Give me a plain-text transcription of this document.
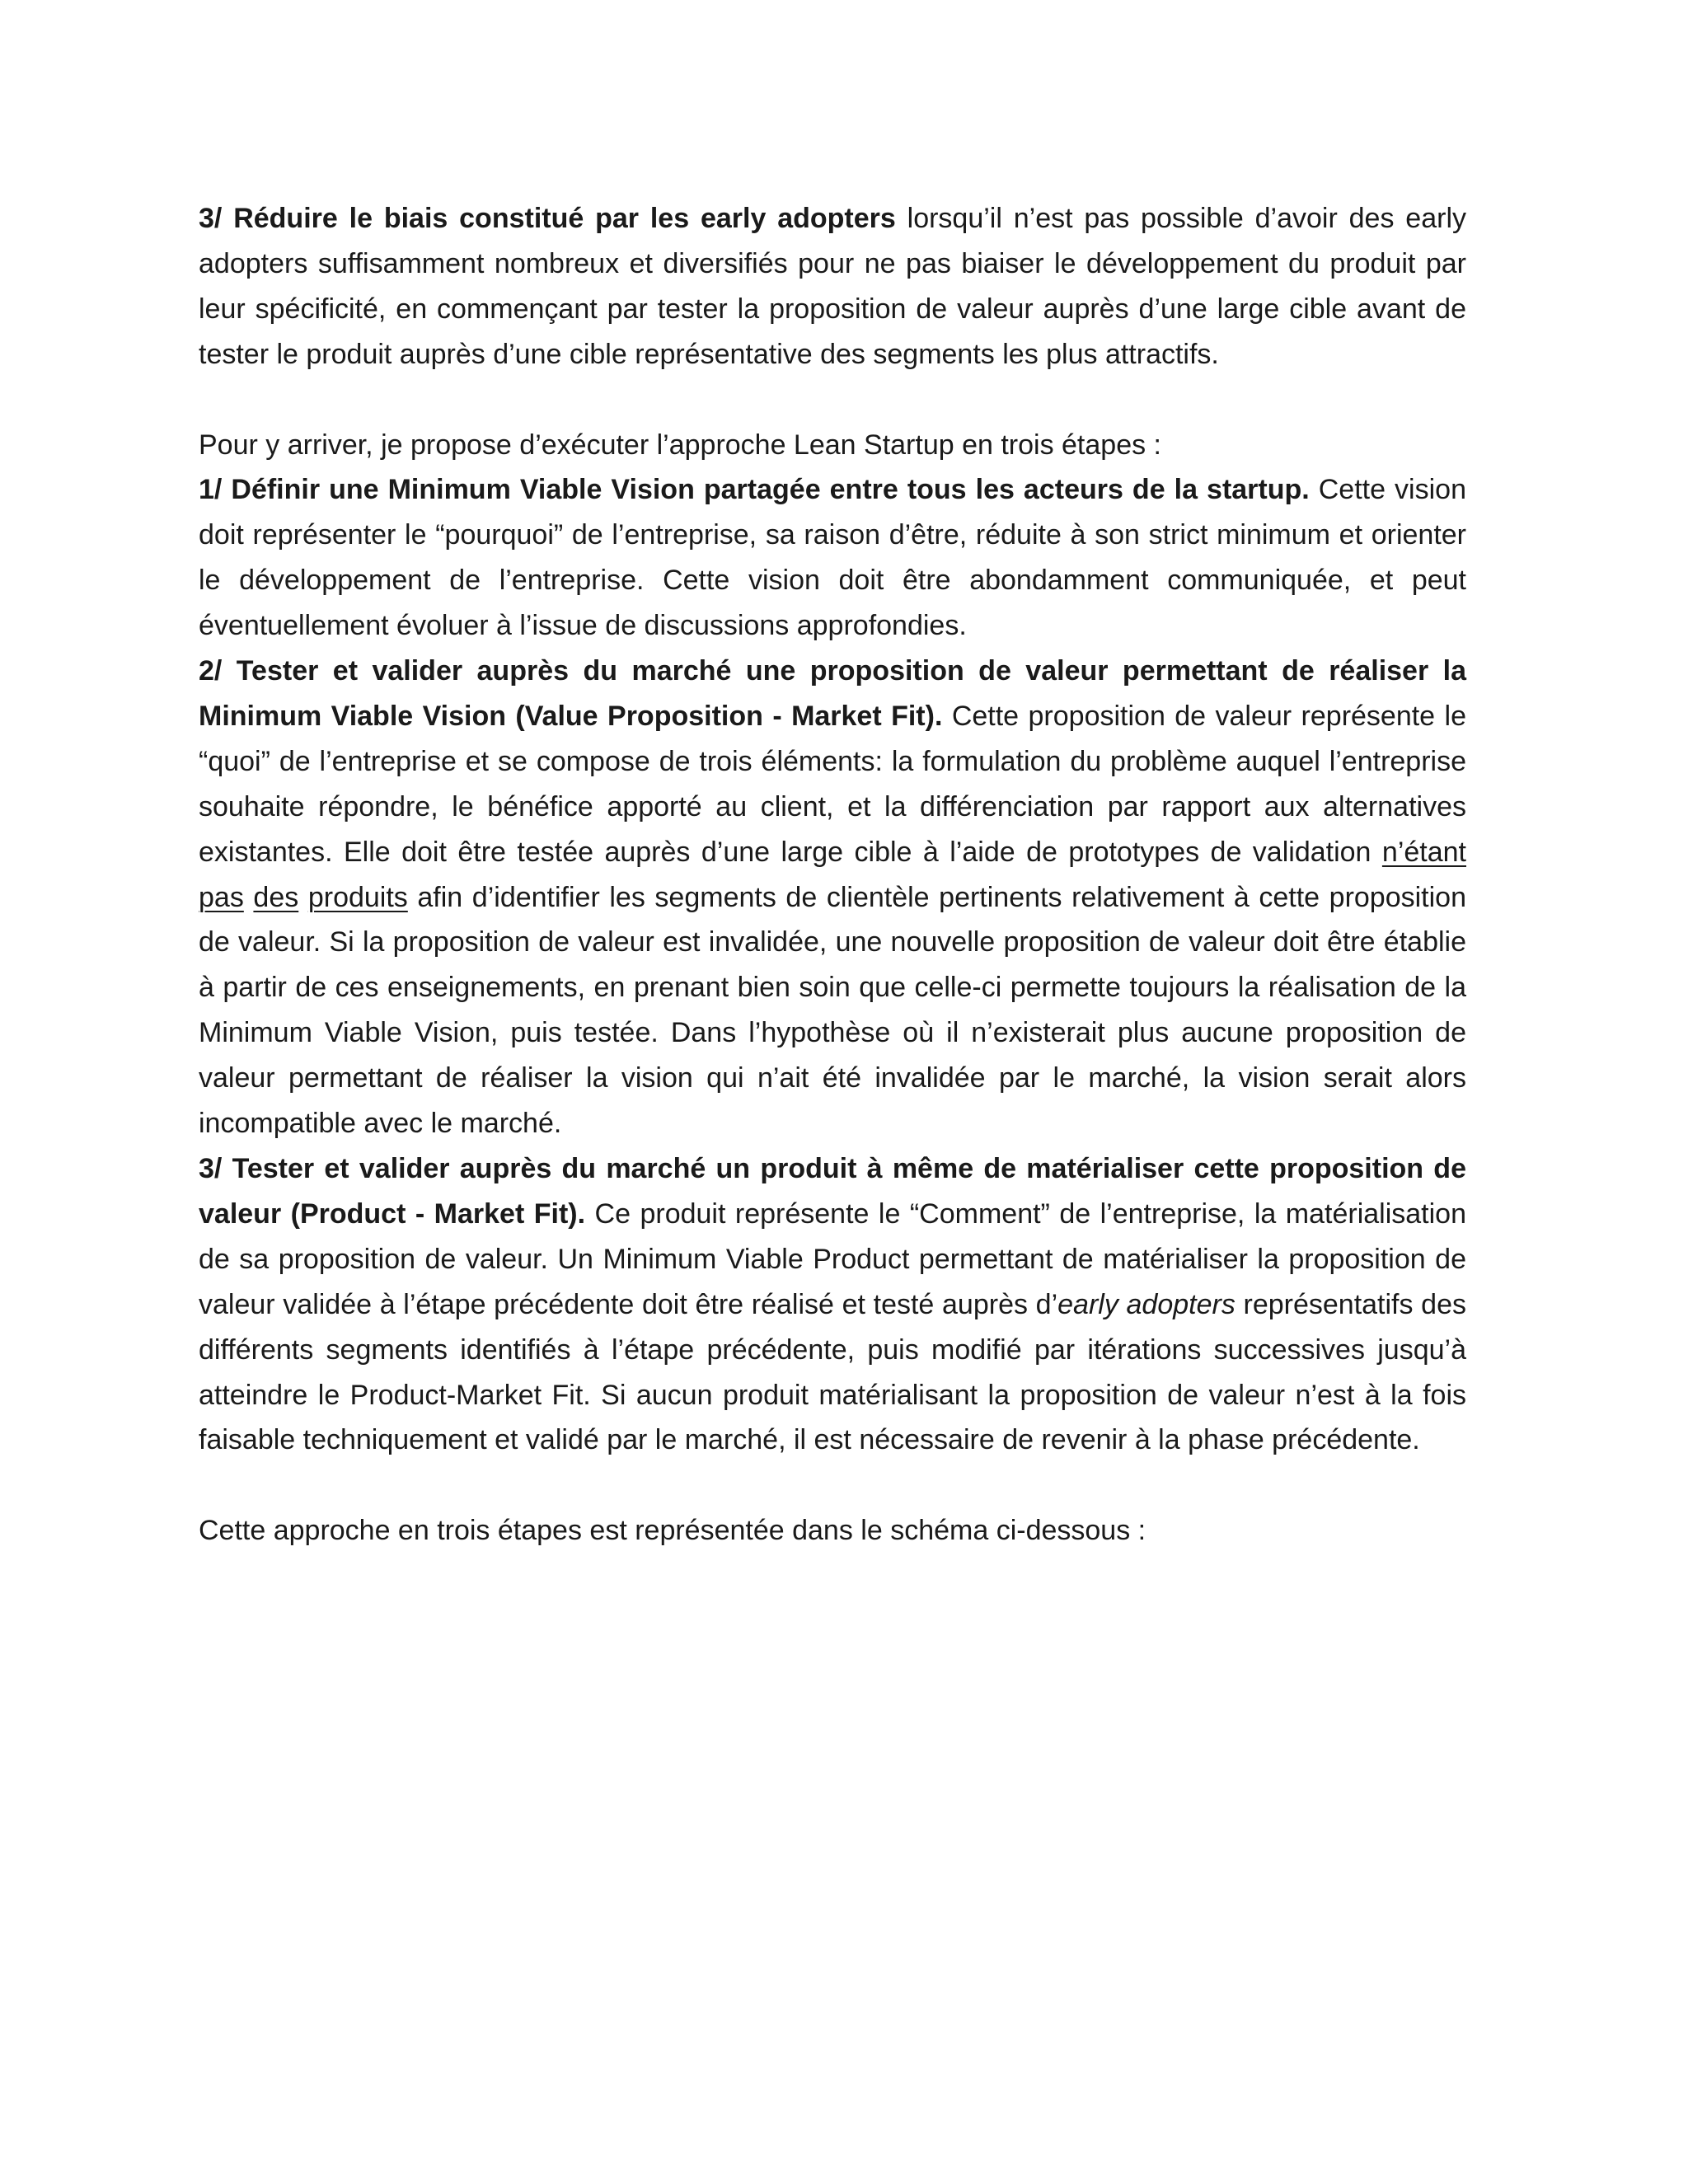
3/ Réduire le biais constitué par les early adopters lorsqu’il n’est pas possible d’avoir des early adopters suffisamment nombreux et diversifiés pour ne pas biaiser le développement du produit par leur spécificité, en commençant par tester la proposition de valeur auprès d’une large cible avant de tester le produit auprès d’une cible représentative des segments les plus attractifs.

Pour y arriver, je propose d’exécuter l’approche Lean Startup en trois étapes :

1/ Définir une Minimum Viable Vision partagée entre tous les acteurs de la startup. Cette vision doit représenter le “pourquoi” de l’entreprise, sa raison d’être, réduite à son strict minimum et orienter le développement de l’entreprise. Cette vision doit être abondamment communiquée, et peut éventuellement évoluer à l’issue de discussions approfondies.

2/ Tester et valider auprès du marché une proposition de valeur permettant de réaliser la Minimum Viable Vision (Value Proposition - Market Fit). Cette proposition de valeur représente le “quoi” de l’entreprise et se compose de trois éléments: la formulation du problème auquel l’entreprise souhaite répondre, le bénéfice apporté au client, et la différenciation par rapport aux alternatives existantes. Elle doit être testée auprès d’une large cible à l’aide de prototypes de validation n’étant pas des produits afin d’identifier les segments de clientèle pertinents relativement à cette proposition de valeur. Si la proposition de valeur est invalidée, une nouvelle proposition de valeur doit être établie à partir de ces enseignements, en prenant bien soin que celle-ci permette toujours la réalisation de la Minimum Viable Vision, puis testée. Dans l’hypothèse où il n’existerait plus aucune proposition de valeur permettant de réaliser la vision qui n’ait été invalidée par le marché, la vision serait alors incompatible avec le marché.

3/ Tester et valider auprès du marché un produit à même de matérialiser cette proposition de valeur (Product - Market Fit). Ce produit représente le “Comment” de l’entreprise, la matérialisation de sa proposition de valeur. Un Minimum Viable Product permettant de matérialiser la proposition de valeur validée à l’étape précédente doit être réalisé et testé auprès d’early adopters représentatifs des différents segments identifiés à l’étape précédente, puis modifié par itérations successives jusqu’à atteindre le Product-Market Fit. Si aucun produit matérialisant la proposition de valeur n’est à la fois faisable techniquement et validé par le marché, il est nécessaire de revenir à la phase précédente.

Cette approche en trois étapes est représentée dans le schéma ci-dessous :
